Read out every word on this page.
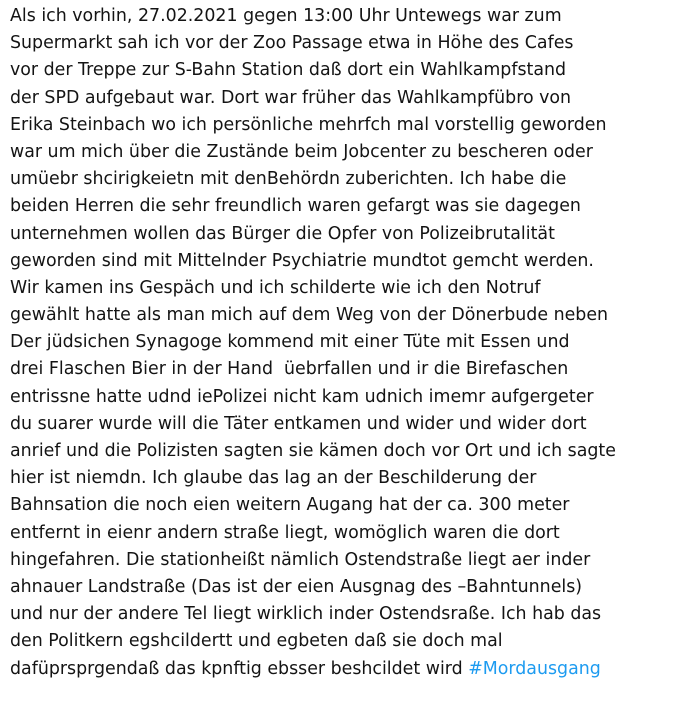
Als ich vorhin, 27.02.2021 gegen 13:00 Uhr Untewegs war zum
Supermarkt sah ich vor der Zoo Passage etwa in Höhe des Cafes
vor der Treppe zur S-Bahn Station daß dort ein Wahlkampfstand
der SPD aufgebaut war. Dort war früher das Wahlkampfübro von
Erika Steinbach wo ich persönliche mehrfch mal vorstellig geworden
war um mich über die Zustände beim Jobcenter zu bescheren oder
umüebr shcirigkeietn mit denBehördn zuberichten. Ich habe die
beiden Herren die sehr freundlich waren gefargt was sie dagegen
unternehmen wollen das Bürger die Opfer von Polizeibrutalität
geworden sind mit Mittelnder Psychiatrie mundtot gemcht werden.
Wir kamen ins Gespäch und ich schilderte wie ich den Notruf
gewählt hatte als man mich auf dem Weg von der Dönerbude neben
Der jüdsichen Synagoge kommend mit einer Tüte mit Essen und
drei Flaschen Bier in der Hand  üebrfallen und ir die Birefaschen
entrissne hatte udnd iePolizei nicht kam udnich imemr aufgergeter
du suarer wurde will die Täter entkamen und wider und wider dort
anrief und die Polizisten sagten sie kämen doch vor Ort und ich sagte
hier ist niemdn. Ich glaube das lag an der Beschilderung der
Bahnsation die noch eien weitern Augang hat der ca. 300 meter
entfernt in eienr andern straße liegt, womöglich waren die dort
hingefahren. Die stationheißt nämlich Ostendstraße liegt aer inder
ahnauer Landstraße (Das ist der eien Ausgnag des –Bahntunnels)
und nur der andere Tel liegt wirklich inder Ostendsraße. Ich hab das
den Politkern egshcildertt und egbeten daß sie doch mal
dafüprsprgendaß das kpnftig ebsser beshcildet wird #Mordausgang
